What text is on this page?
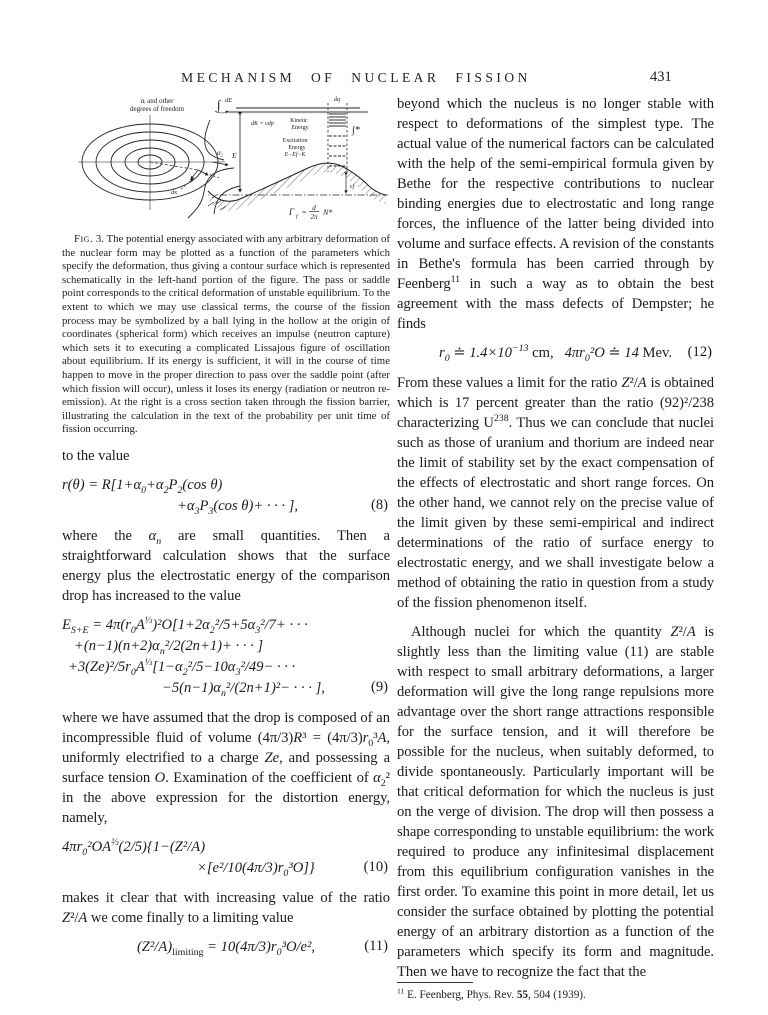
MECHANISM OF NUCLEAR FISSION	431
αᵢ and other
degrees of freedom
α₂
dx
∫ dE
E
dK = vdp	Kinetic
Energy
Excitation
Energy
E−Ef−K
dq
∫*
εf
Γ f = d
2π N*

Fig. 3. The potential energy associated with any arbitrary deformation of the nuclear form may be plotted as a function of the parameters which specify the deformation, thus giving a contour surface which is represented schematically in the left-hand portion of the figure. The pass or saddle point corresponds to the critical deformation of unstable equilibrium. To the extent to which we may use classical terms, the course of the fission process may be symbolized by a ball lying in the hollow at the origin of coordinates (spherical form) which receives an impulse (neutron capture) which sets it to executing a complicated Lissajous figure of oscillation about equilibrium. If its energy is sufficient, it will in the course of time happen to move in the proper direction to pass over the saddle point (after which fission will occur), unless it loses its energy (radiation or neutron re-emission). At the right is a cross section taken through the fission barrier, illustrating the calculation in the text of the probability per unit time of fission occurring.

to the value

$r(\theta) = R[1+\alpha_0+\alpha_2P_2(\cos$ θ)
$+\alpha_3P_3(\cos$ θ)+ · · · ],	(8)

where the $\alpha_n$ are small quantities. Then a straightforward calculation shows that the surface energy plus the electrostatic energy of the comparison drop has increased to the value

$E_{S+E} = 4\pi(r_0A^{\frac{1}{3}})^2O[1+2\alpha_2^2/5+5\alpha_3^2/7+$ · · ·
$+(n-1)(n+2)\alpha_n^2/2(2n+1)+$ · · · ]
$+3(Ze)^2/5r_0A^{\frac{1}{3}}[1-\alpha_2^2/5-10\alpha_3^2/49-$ · · ·
$-5(n-1)\alpha_n^2/(2n+1)^2-$ · · · ],	(9)

where we have assumed that the drop is composed of an incompressible fluid of volume $(4\pi/3)R^3 = (4\pi/3)r_0^3A$, uniformly electrified to a charge Ze, and possessing a surface tension O. Examination of the coefficient of $\alpha_2^2$ in the above expression for the distortion energy, namely,

$4\pi r_0^2OA^{\frac{2}{3}}(2/5)\{1-(Z^2/A)$
$\times[e^2/10(4\pi/3)r_0^3O]$}	(10)

makes it clear that with increasing value of the ratio Z²/A we come finally to a limiting value

$(Z^2/A)_{limiting} = 10(4\pi/3)r_0^3O/e^2$,	(11)

beyond which the nucleus is no longer stable with respect to deformations of the simplest type. The actual value of the numerical factors can be calculated with the help of the semi-empirical formula given by Bethe for the respective contributions to nuclear binding energies due to electrostatic and long range forces, the influence of the latter being divided into volume and surface effects. A revision of the constants in Bethe's formula has been carried through by Feenberg$^{11}$ in such a way as to obtain the best agreement with the mass defects of Dempster; he finds

$r_0$ ≐ $1.4\times 10^{-13}$ cm,   $4\pi r_0^2O$ ≐ 14 Mev.	(12)

From these values a limit for the ratio Z²/A is obtained which is 17 percent greater than the ratio (92)²/238 characterizing $U^{238}$. Thus we can conclude that nuclei such as those of uranium and thorium are indeed near the limit of stability set by the exact compensation of the effects of electrostatic and short range forces. On the other hand, we cannot rely on the precise value of the limit given by these semi-empirical and indirect determinations of the ratio of surface energy to electrostatic energy, and we shall investigate below a method of obtaining the ratio in question from a study of the fission phenomenon itself.

Although nuclei for which the quantity Z²/A is slightly less than the limiting value (11) are stable with respect to small arbitrary deformations, a larger deformation will give the long range repulsions more advantage over the short range attractions responsible for the surface tension, and it will therefore be possible for the nucleus, when suitably deformed, to divide spontaneously. Particularly important will be that critical deformation for which the nucleus is just on the verge of division. The drop will then possess a shape corresponding to unstable equilibrium: the work required to produce any infinitesimal displacement from this equilibrium configuration vanishes in the first order. To examine this point in more detail, let us consider the surface obtained by plotting the potential energy of an arbitrary distortion as a function of the parameters which specify its form and magnitude. Then we have to recognize the fact that the

$^{11}$ E. Feenberg, Phys. Rev. 55, 504 (1939).
